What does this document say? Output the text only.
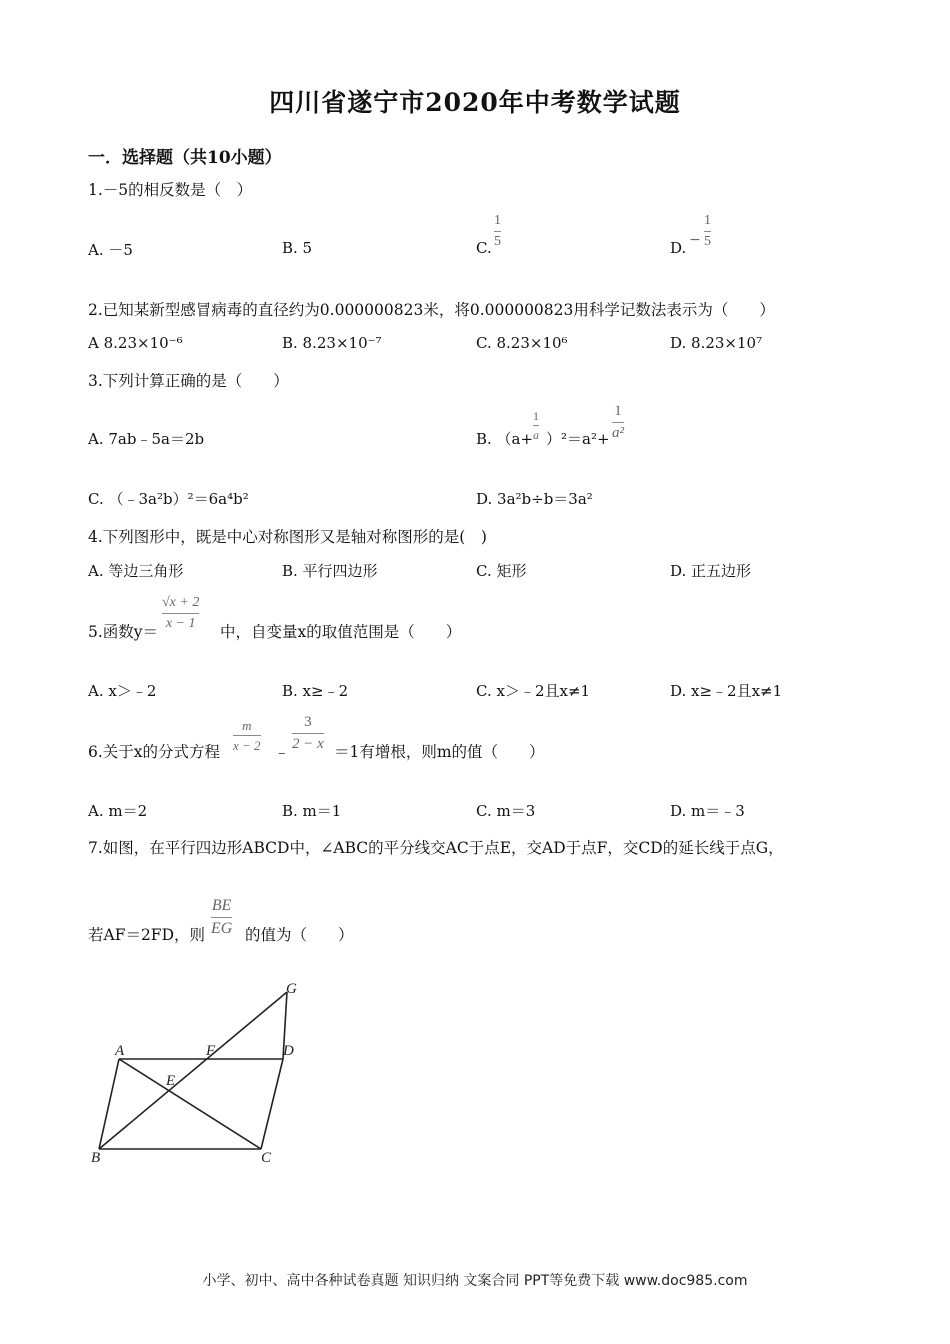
四川省遂宁市2020年中考数学试题
一．选择题（共10小题）
1.－5的相反数是（　）
A. －5	B. 5	C.
1
5	D. −
1
5
2.已知某新型感冒病毒的直径约为0.000000823米，将0.000000823用科学记数法表示为（　　）
A 8.23×10⁻⁶	B. 8.23×10⁻⁷	C. 8.23×10⁶	D. 8.23×10⁷
3.下列计算正确的是（　　）
A. 7ab﹣5a＝2b	B. （a+
1
a ）²＝a²+
1
a²
C. （﹣3a²b）²＝6a⁴b²	D. 3a²b÷b＝3a²
4.下列图形中，既是中心对称图形又是轴对称图形的是(　)
A. 等边三角形	B. 平行四边形	C. 矩形	D. 正五边形
5.函数y＝
√x + 2
x − 1 中，自变量x的取值范围是（　　）
A. x＞﹣2	B. x≥﹣2	C. x＞﹣2且x≠1	D. x≥﹣2且x≠1
6.关于x的分式方程
m
x − 2 ﹣
3
2 − x ＝1有增根，则m的值（　　）
A. m＝2	B. m＝1	C. m＝3	D. m＝﹣3
7.如图，在平行四边形ABCD中，∠ABC的平分线交AC于点E，交AD于点F，交CD的延长线于点G，
若AF＝2FD，则
BE
EG 的值为（　　）
A	F	D
G
E
B	C
小学、初中、高中各种试卷真题 知识归纳 文案合同 PPT等免费下载 www.doc985.com
